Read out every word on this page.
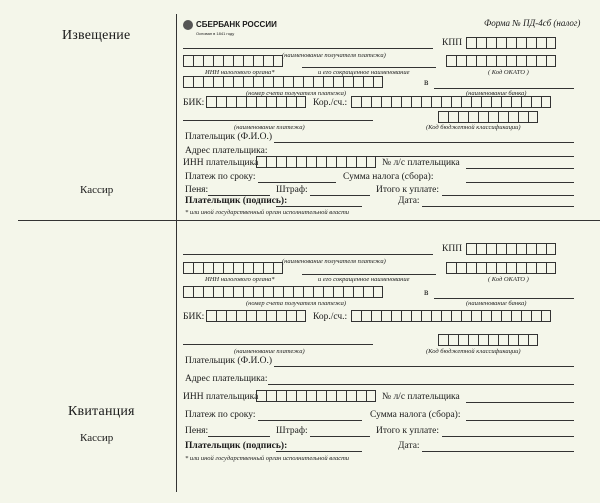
Извещение
Кассир
Квитанция
Кассир
СБЕРБАНК РОССИИ
Основан в 1841 году
Форма № ПД-4сб (налог)
КПП
(наименование получателя платежа)
ИНН налогового органа*	и его сокращенное наименование	( Код ОКАТО )
в
(номер счета получателя платежа)	(наименование банка)
БИК:	Кор./сч.:
(наименование платежа)	(Код бюджетной классификации)
Плательщик (Ф.И.О.)
Адрес плательщика:
ИНН плательщика	№ л/с плательщика
Платеж по сроку:	Сумма налога (сбора):
Пеня:	Штраф:	Итого к уплате:
Плательщик (подпись):	Дата:
* или иной государственный орган исполнительной власти
КПП
(наименование получателя платежа)
ИНН налогового органа*	и его сокращенное наименование	( Код ОКАТО )
в
(номер счета получателя платежа)	(наименование банка)
БИК:	Кор./сч.:
(наименование платежа)	(Код бюджетной классификации)
Плательщик (Ф.И.О.)
Адрес плательщика:
ИНН плательщика	№ л/с плательщика
Платеж по сроку:	Сумма налога (сбора):
Пеня:	Штраф:	Итого к уплате:
Плательщик (подпись):	Дата:
* или иной государственный орган исполнительной власти
